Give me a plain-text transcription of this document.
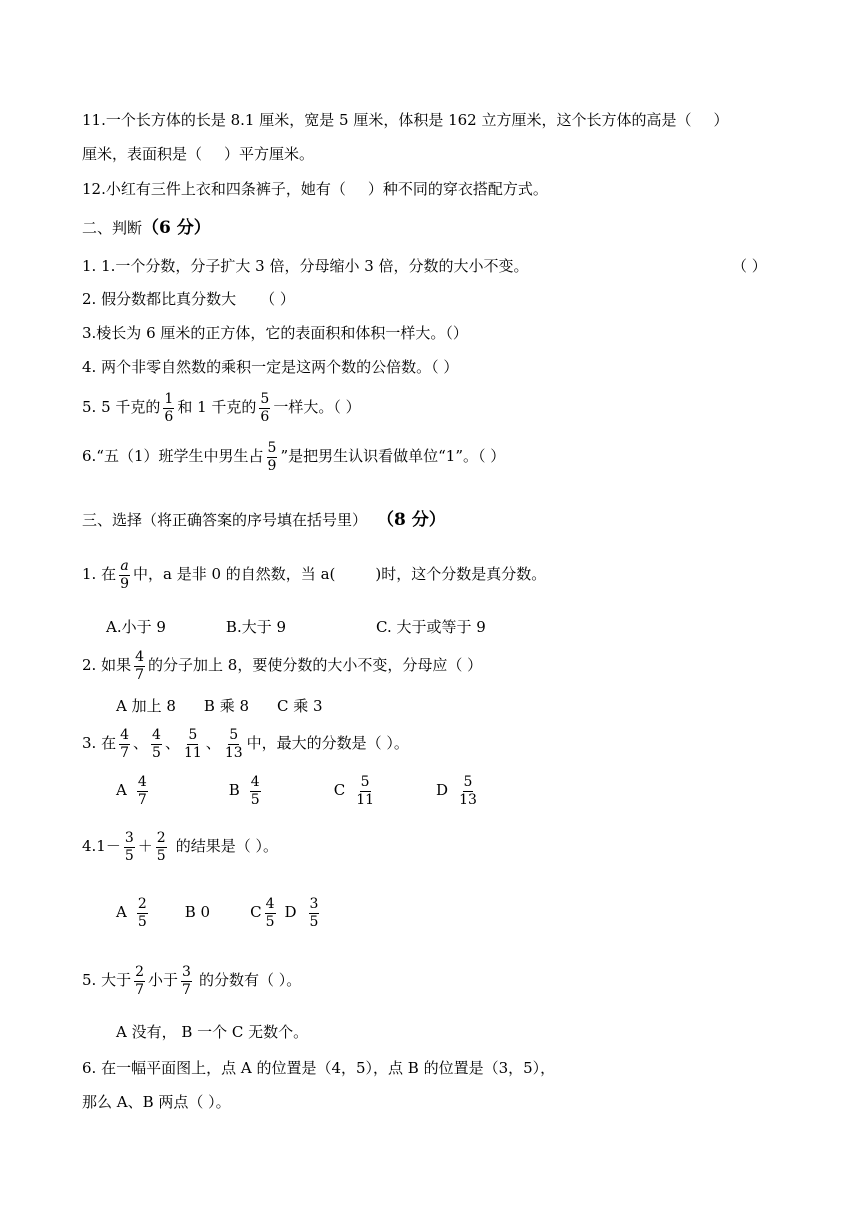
11.一个长方体的长是 8.1 厘米，宽是 5 厘米，体积是 162 立方厘米，这个长方体的高是（ ）
厘米，表面积是（ ）平方厘米。
12.小红有三件上衣和四条裤子，她有（ ）种不同的穿衣搭配方式。
二、判断（6 分）
1. 1.一个分数，分子扩大 3 倍，分母缩小 3 倍，分数的大小不变。	（ ）
2. 假分数都比真分数大 （ ）
3.棱长为 6 厘米的正方体，它的表面积和体积一样大。（）
4. 两个非零自然数的乘积一定是这两个数的公倍数。（ ）
5. 5 千克的 $\frac{1}{6}$ 和 1 千克的 $\frac{5}{6}$ 一样大。（ ）
6.“五（1）班学生中男生占 $\frac{5}{9}$ ”是把男生认识看做单位“1”。（ ）
三、选择（将正确答案的序号填在括号里） （8 分）
1. 在 $\frac{a}{9}$ 中，a 是非 0 的自然数，当 a(	)时，这个分数是真分数。
A.小于 9	B.大于 9	C. 大于或等于 9
2. 如果 $\frac{4}{7}$ 的分子加上 8，要使分数的大小不变，分母应（ ）
A 加上 8 B 乘 8 C 乘 3
3. 在 $\frac{4}{7}$ 、 $\frac{4}{5}$ 、 $\frac{5}{11}$ 、 $\frac{5}{13}$ 中，最大的分数是（ ）。
A $\frac{4}{7}$	B $\frac{4}{5}$	C $\frac{5}{11}$	D $\frac{5}{13}$
$4.1- \frac{3}{5} + \frac{2}{5}$ 的结果是（ ）。
A $\frac{2}{5}$ B 0	C $\frac{4}{5}$ D $\frac{3}{5}$
5. 大于 $\frac{2}{7}$ 小于 $\frac{3}{7}$ 的分数有（ ）。
A 没有， B 一个 C 无数个。
6. 在一幅平面图上，点 A 的位置是（4，5），点 B 的位置是（3，5），
那么 A、B 两点（ ）。
